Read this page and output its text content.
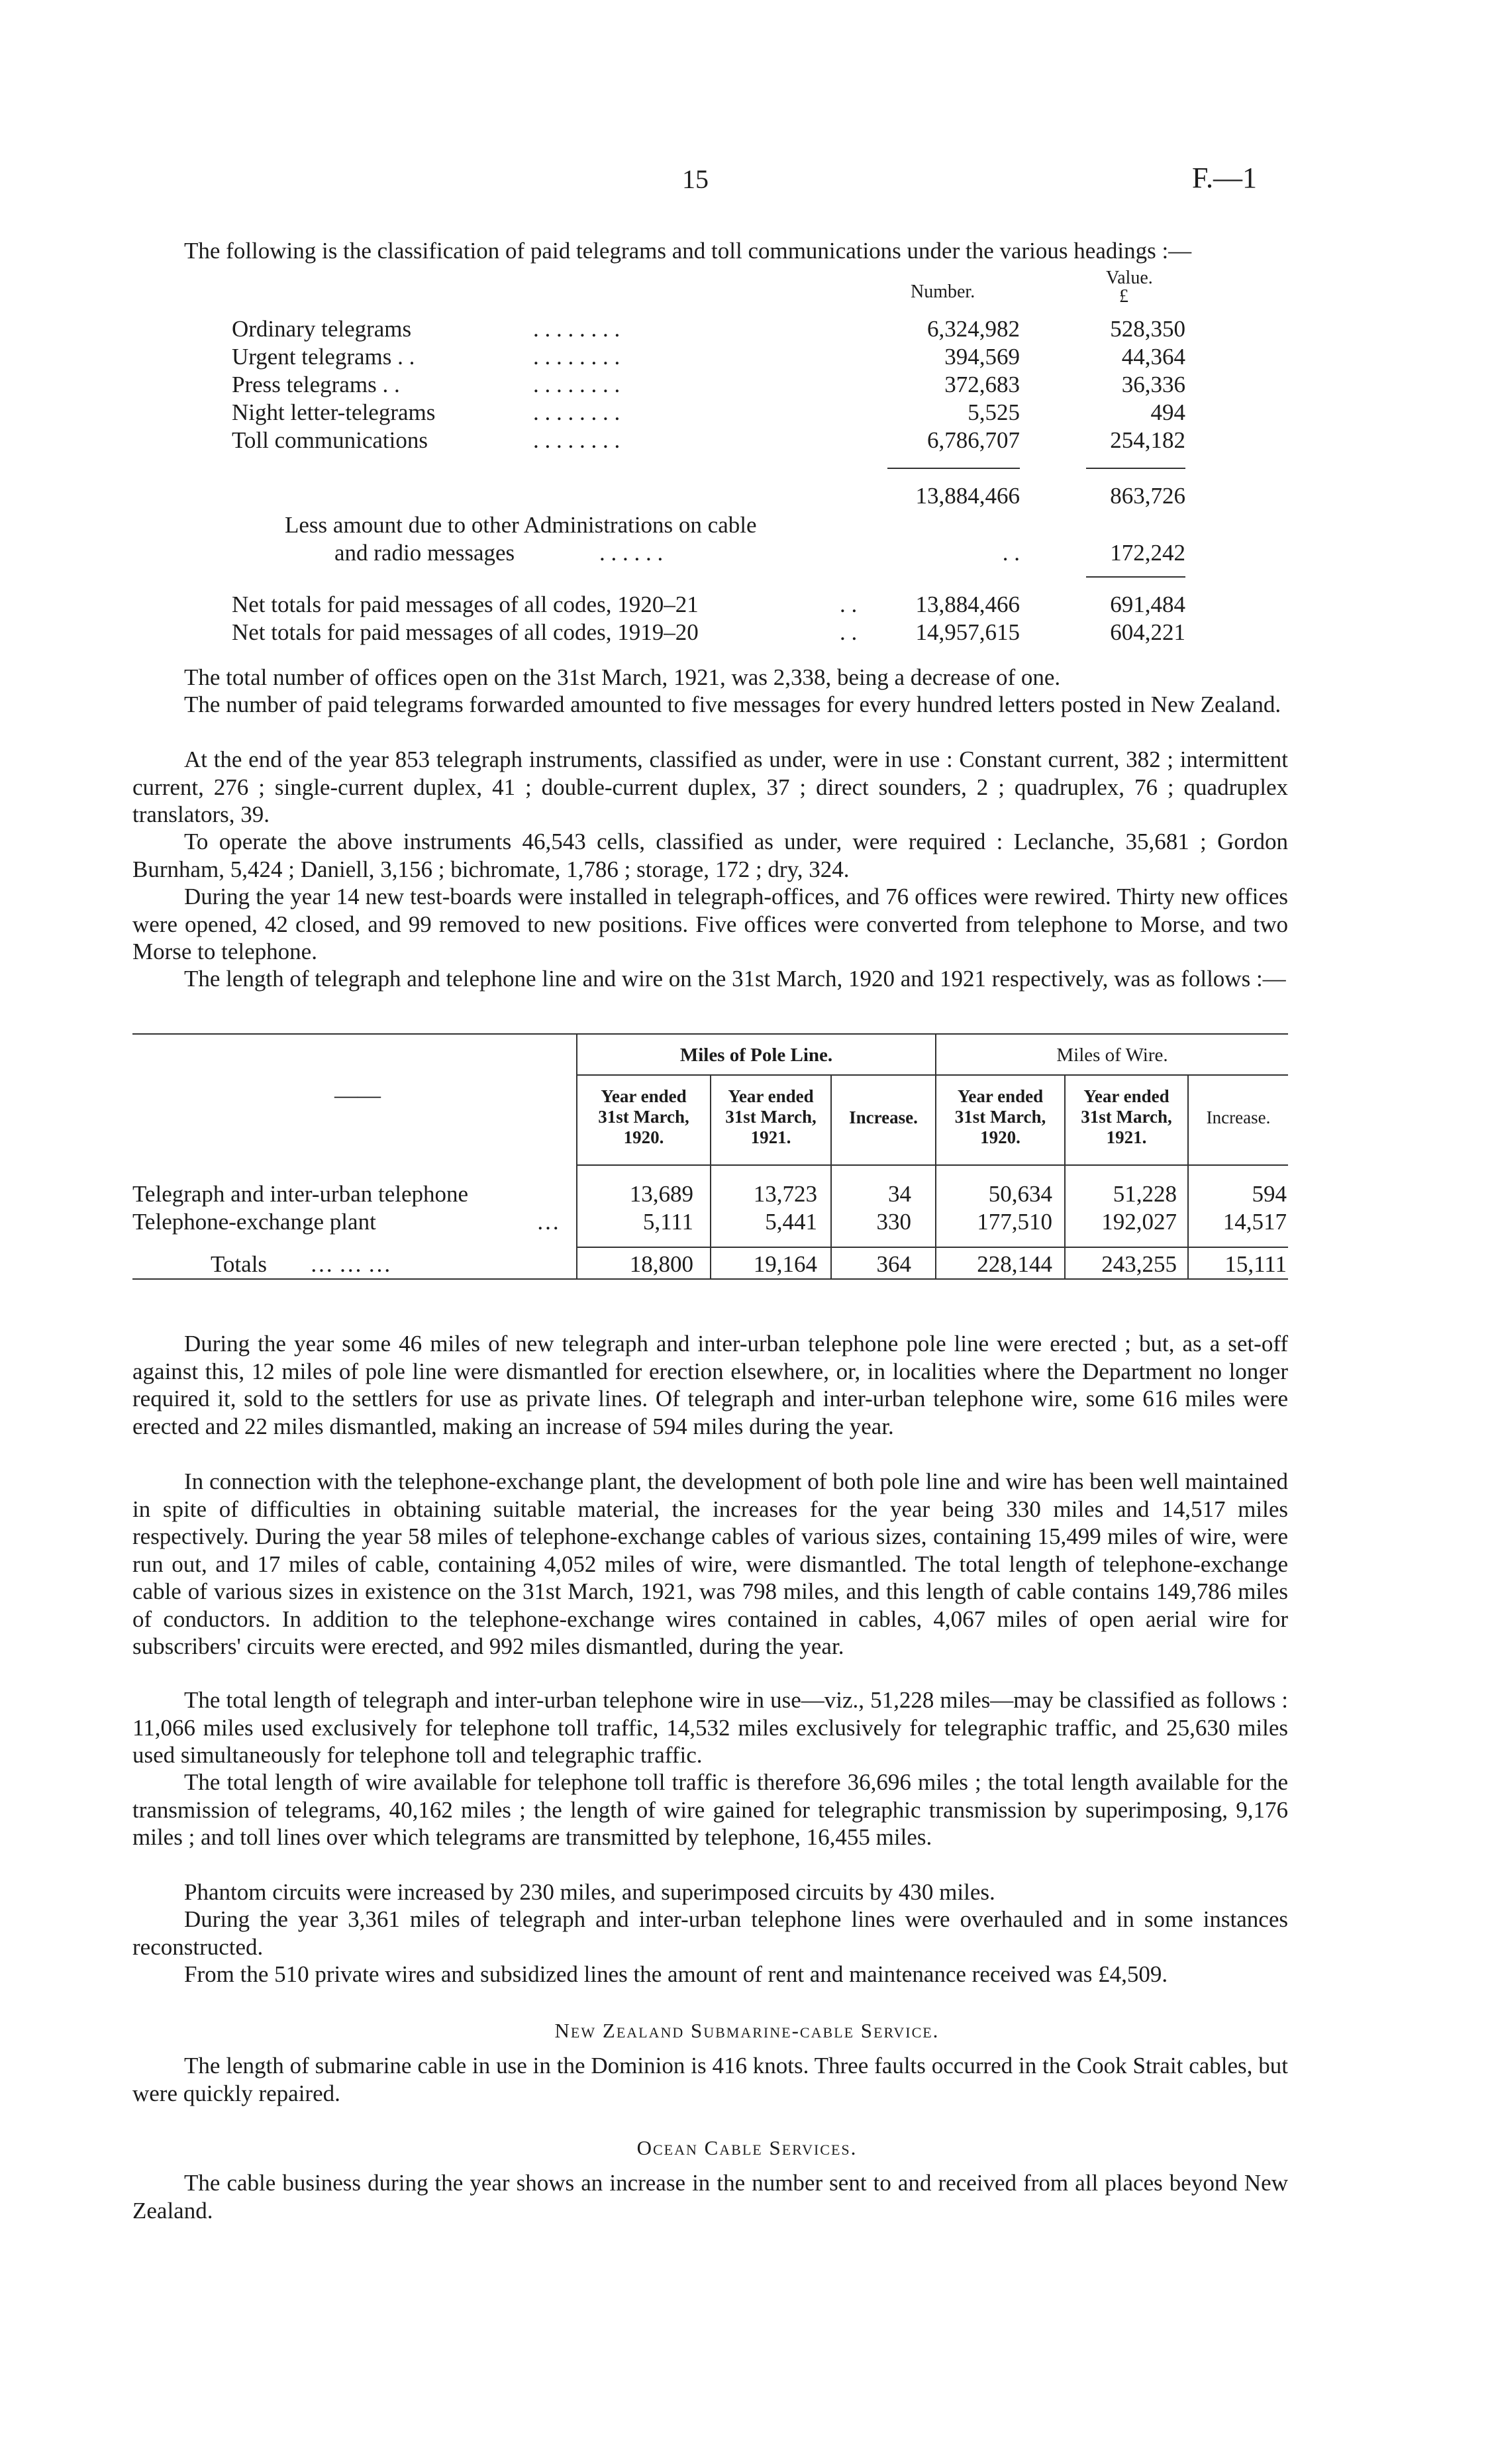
15	F.—1
The following is the classification of paid telegrams and toll communications under the various headings :—
Number.
Value.
£
Ordinary telegrams	. . . . . . . .	6,324,982	528,350
Urgent telegrams . .	. . . . . . . .	394,569	44,364
Press telegrams . .	. . . . . . . .	372,683	36,336
Night letter-telegrams	. . . . . . . .	5,525	494
Toll communications	. . . . . . . .	6,786,707	254,182
13,884,466	863,726
Less amount due to other Administrations on cable
and radio messages	. . . . . .	. .	172,242
Net totals for paid messages of all codes, 1920–21	. .	13,884,466	691,484
Net totals for paid messages of all codes, 1919–20	. .	14,957,615	604,221
The total number of offices open on the 31st March, 1921, was 2,338, being a decrease of one.
The number of paid telegrams forwarded amounted to five messages for every hundred letters posted in New Zealand.
At the end of the year 853 telegraph instruments, classified as under, were in use : Constant current, 382 ; intermittent current, 276 ; single-current duplex, 41 ; double-current duplex, 37 ; direct sounders, 2 ; quadruplex, 76 ; quadruplex translators, 39.
To operate the above instruments 46,543 cells, classified as under, were required : Leclanche, 35,681 ; Gordon Burnham, 5,424 ; Daniell, 3,156 ; bichromate, 1,786 ; storage, 172 ; dry, 324.
During the year 14 new test-boards were installed in telegraph-offices, and 76 offices were rewired. Thirty new offices were opened, 42 closed, and 99 removed to new positions. Five offices were converted from telephone to Morse, and two Morse to telephone.
The length of telegraph and telephone line and wire on the 31st March, 1920 and 1921 respectively, was as follows :—
——
Miles of Pole Line.	Miles of Wire.
Year ended
31st March,
1920.
Year ended
31st March,
1921.
Increase.
Year ended
31st March,
1920.
Year ended
31st March,
1921.
Increase.
Telegraph and inter-urban telephone	13,689	13,723	34	50,634	51,228	594
Telephone-exchange plant	…	5,111	5,441	330	177,510	192,027	14,517
Totals … … …	18,800	19,164	364	228,144	243,255	15,111
During the year some 46 miles of new telegraph and inter-urban telephone pole line were erected ; but, as a set-off against this, 12 miles of pole line were dismantled for erection elsewhere, or, in localities where the Department no longer required it, sold to the settlers for use as private lines. Of telegraph and inter-urban telephone wire, some 616 miles were erected and 22 miles dismantled, making an increase of 594 miles during the year.
In connection with the telephone-exchange plant, the development of both pole line and wire has been well maintained in spite of difficulties in obtaining suitable material, the increases for the year being 330 miles and 14,517 miles respectively. During the year 58 miles of telephone-exchange cables of various sizes, containing 15,499 miles of wire, were run out, and 17 miles of cable, containing 4,052 miles of wire, were dismantled. The total length of telephone-exchange cable of various sizes in existence on the 31st March, 1921, was 798 miles, and this length of cable contains 149,786 miles of conductors. In addition to the telephone-exchange wires contained in cables, 4,067 miles of open aerial wire for subscribers' circuits were erected, and 992 miles dismantled, during the year.
The total length of telegraph and inter-urban telephone wire in use—viz., 51,228 miles—may be classified as follows : 11,066 miles used exclusively for telephone toll traffic, 14,532 miles exclusively for telegraphic traffic, and 25,630 miles used simultaneously for telephone toll and telegraphic traffic.
The total length of wire available for telephone toll traffic is therefore 36,696 miles ; the total length available for the transmission of telegrams, 40,162 miles ; the length of wire gained for telegraphic transmission by superimposing, 9,176 miles ; and toll lines over which telegrams are transmitted by telephone, 16,455 miles.
Phantom circuits were increased by 230 miles, and superimposed circuits by 430 miles.
During the year 3,361 miles of telegraph and inter-urban telephone lines were overhauled and in some instances reconstructed.
From the 510 private wires and subsidized lines the amount of rent and maintenance received was £4,509.
New Zealand Submarine-cable Service.
The length of submarine cable in use in the Dominion is 416 knots. Three faults occurred in the Cook Strait cables, but were quickly repaired.
Ocean Cable Services.
The cable business during the year shows an increase in the number sent to and received from all places beyond New Zealand.
